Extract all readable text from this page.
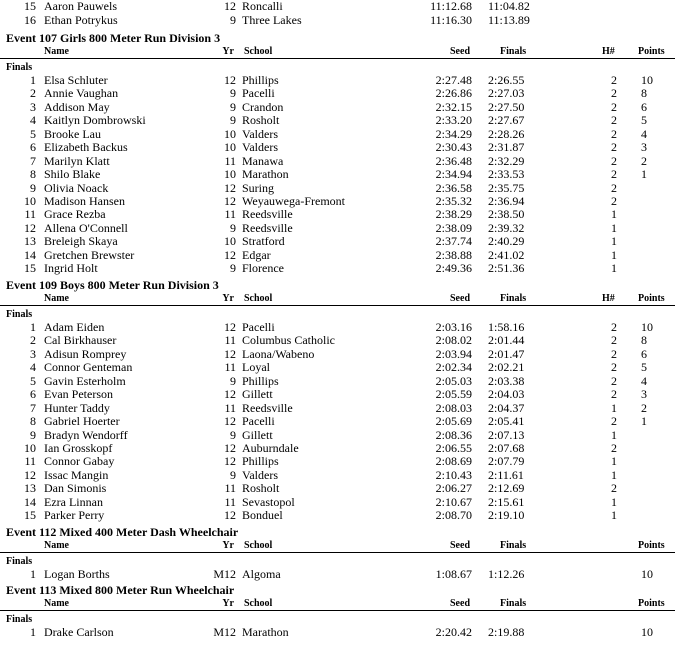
15 Aaron Pauwels	12 Roncalli	11:12.68 11:04.82
16 Ethan Potrykus	9 Three Lakes	11:16.30 11:13.89
Event 107 Girls 800 Meter Run Division 3
Name	Yr School	Seed	Finals	H# Points
Finals
1 Elsa Schluter	12 Phillips	2:27.48 2:26.55	2 10
2 Annie Vaughan	9 Pacelli	2:26.86 2:27.03	2 8
3 Addison May	9 Crandon	2:32.15 2:27.50	2 6
4 Kaitlyn Dombrowski	9 Rosholt	2:33.20 2:27.67	2 5
5 Brooke Lau	10 Valders	2:34.29 2:28.26	2 4
6 Elizabeth Backus	10 Valders	2:30.43 2:31.87	2 3
7 Marilyn Klatt	11 Manawa	2:36.48 2:32.29	2 2
8 Shilo Blake	10 Marathon	2:34.94 2:33.53	2 1
9 Olivia Noack	12 Suring	2:36.58 2:35.75	2
10 Madison Hansen	12 Weyauwega-Fremont	2:35.32 2:36.94	2
11 Grace Rezba	11 Reedsville	2:38.29 2:38.50	1
12 Allena O'Connell	9 Reedsville	2:38.09 2:39.32	1
13 Breleigh Skaya	10 Stratford	2:37.74 2:40.29	1
14 Gretchen Brewster	12 Edgar	2:38.88 2:41.02	1
15 Ingrid Holt	9 Florence	2:49.36 2:51.36	1
Event 109 Boys 800 Meter Run Division 3
Name	Yr School	Seed	Finals	H# Points
Finals
1 Adam Eiden	12 Pacelli	2:03.16 1:58.16	2 10
2 Cal Birkhauser	11 Columbus Catholic	2:08.02 2:01.44	2 8
3 Adisun Romprey	12 Laona/Wabeno	2:03.94 2:01.47	2 6
4 Connor Genteman	11 Loyal	2:02.34 2:02.21	2 5
5 Gavin Esterholm	9 Phillips	2:05.03 2:03.38	2 4
6 Evan Peterson	12 Gillett	2:05.59 2:04.03	2 3
7 Hunter Taddy	11 Reedsville	2:08.03 2:04.37	1 2
8 Gabriel Hoerter	12 Pacelli	2:05.69 2:05.41	2 1
9 Bradyn Wendorff	9 Gillett	2:08.36 2:07.13	1
10 Ian Grosskopf	12 Auburndale	2:06.55 2:07.68	2
11 Connor Gabay	12 Phillips	2:08.69 2:07.79	1
12 Issac Mangin	9 Valders	2:10.43 2:11.61	1
13 Dan Simonis	11 Rosholt	2:06.27 2:12.69	2
14 Ezra Linnan	11 Sevastopol	2:10.67 2:15.61	1
15 Parker Perry	12 Bonduel	2:08.70 2:19.10	1
Event 112 Mixed 400 Meter Dash Wheelchair
Name	Yr School	Seed	Finals	Points
Finals
1 Logan Borths	M12 Algoma	1:08.67 1:12.26	10
Event 113 Mixed 800 Meter Run Wheelchair
Name	Yr School	Seed	Finals	Points
Finals
1 Drake Carlson	M12 Marathon	2:20.42 2:19.88	10
